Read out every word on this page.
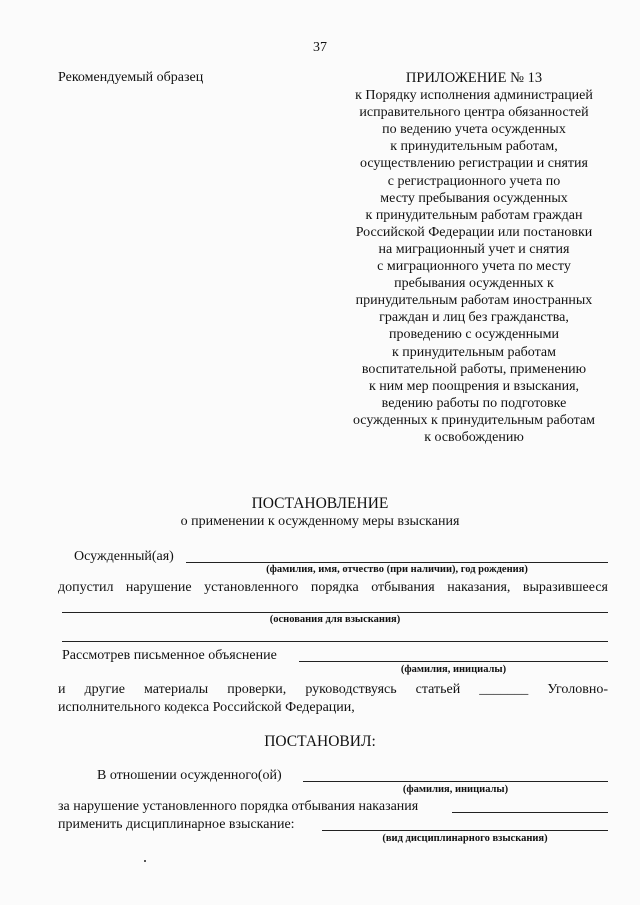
37
Рекомендуемый образец	ПРИЛОЖЕНИЕ № 13
к Порядку исполнения администрацией
исправительного центра обязанностей
по ведению учета осужденных
к принудительным работам,
осуществлению регистрации и снятия
с регистрационного учета по
месту пребывания осужденных
к принудительным работам граждан
Российской Федерации или постановки
на миграционный учет и снятия
с миграционного учета по месту
пребывания осужденных к
принудительным работам иностранных
граждан и лиц без гражданства,
проведению с осужденными
к принудительным работам
воспитательной работы, применению
к ним мер поощрения и взыскания,
ведению работы по подготовке
осужденных к принудительным работам
к освобождению
ПОСТАНОВЛЕНИЕ
о применении к осужденному меры взыскания
Осужденный(ая)
(фамилия, имя, отчество (при наличии), год рождения)
допустил нарушение установленного порядка отбывания наказания, выразившееся
(основания для взыскания)
Рассмотрев письменное объяснение
(фамилия, инициалы)
и другие материалы проверки, руководствуясь статьей _______ Уголовно-
исполнительного кодекса Российской Федерации,
ПОСТАНОВИЛ:
В отношении осужденного(ой)
(фамилия, инициалы)
за нарушение установленного порядка отбывания наказания
применить дисциплинарное взыскание:
(вид дисциплинарного взыскания)
